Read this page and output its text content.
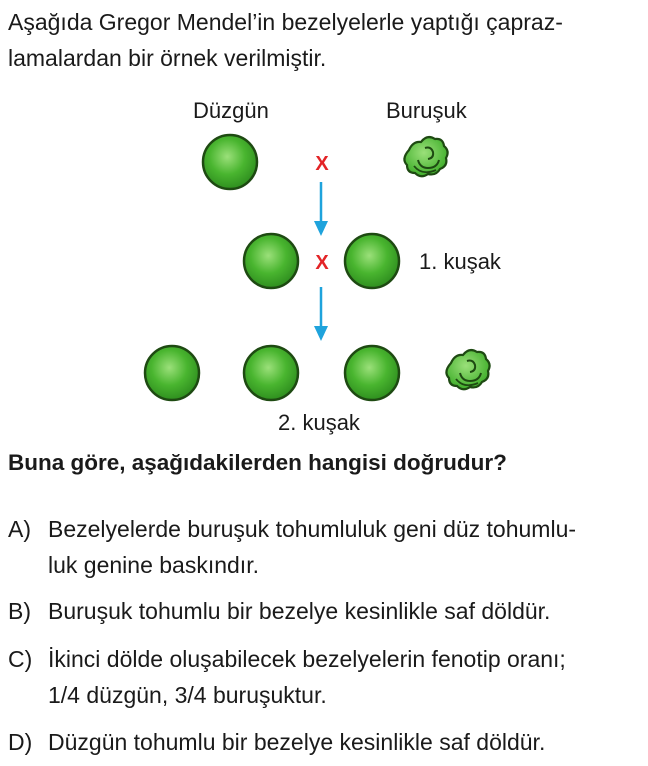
Aşağıda Gregor Mendel’in bezelyelerle yaptığı çapraz-
lamalardan bir örnek verilmiştir.
X
X
Düzgün	Buruşuk
1. kuşak
2. kuşak
Buna göre, aşağıdakilerden hangisi doğrudur?
A) Bezelyelerde buruşuk tohumluluk geni düz tohumlu-
luk genine baskındır.
B) Buruşuk tohumlu bir bezelye kesinlikle saf döldür.
C) İkinci dölde oluşabilecek bezelyelerin fenotip oranı;
1/4 düzgün, 3/4 buruşuktur.
D) Düzgün tohumlu bir bezelye kesinlikle saf döldür.
